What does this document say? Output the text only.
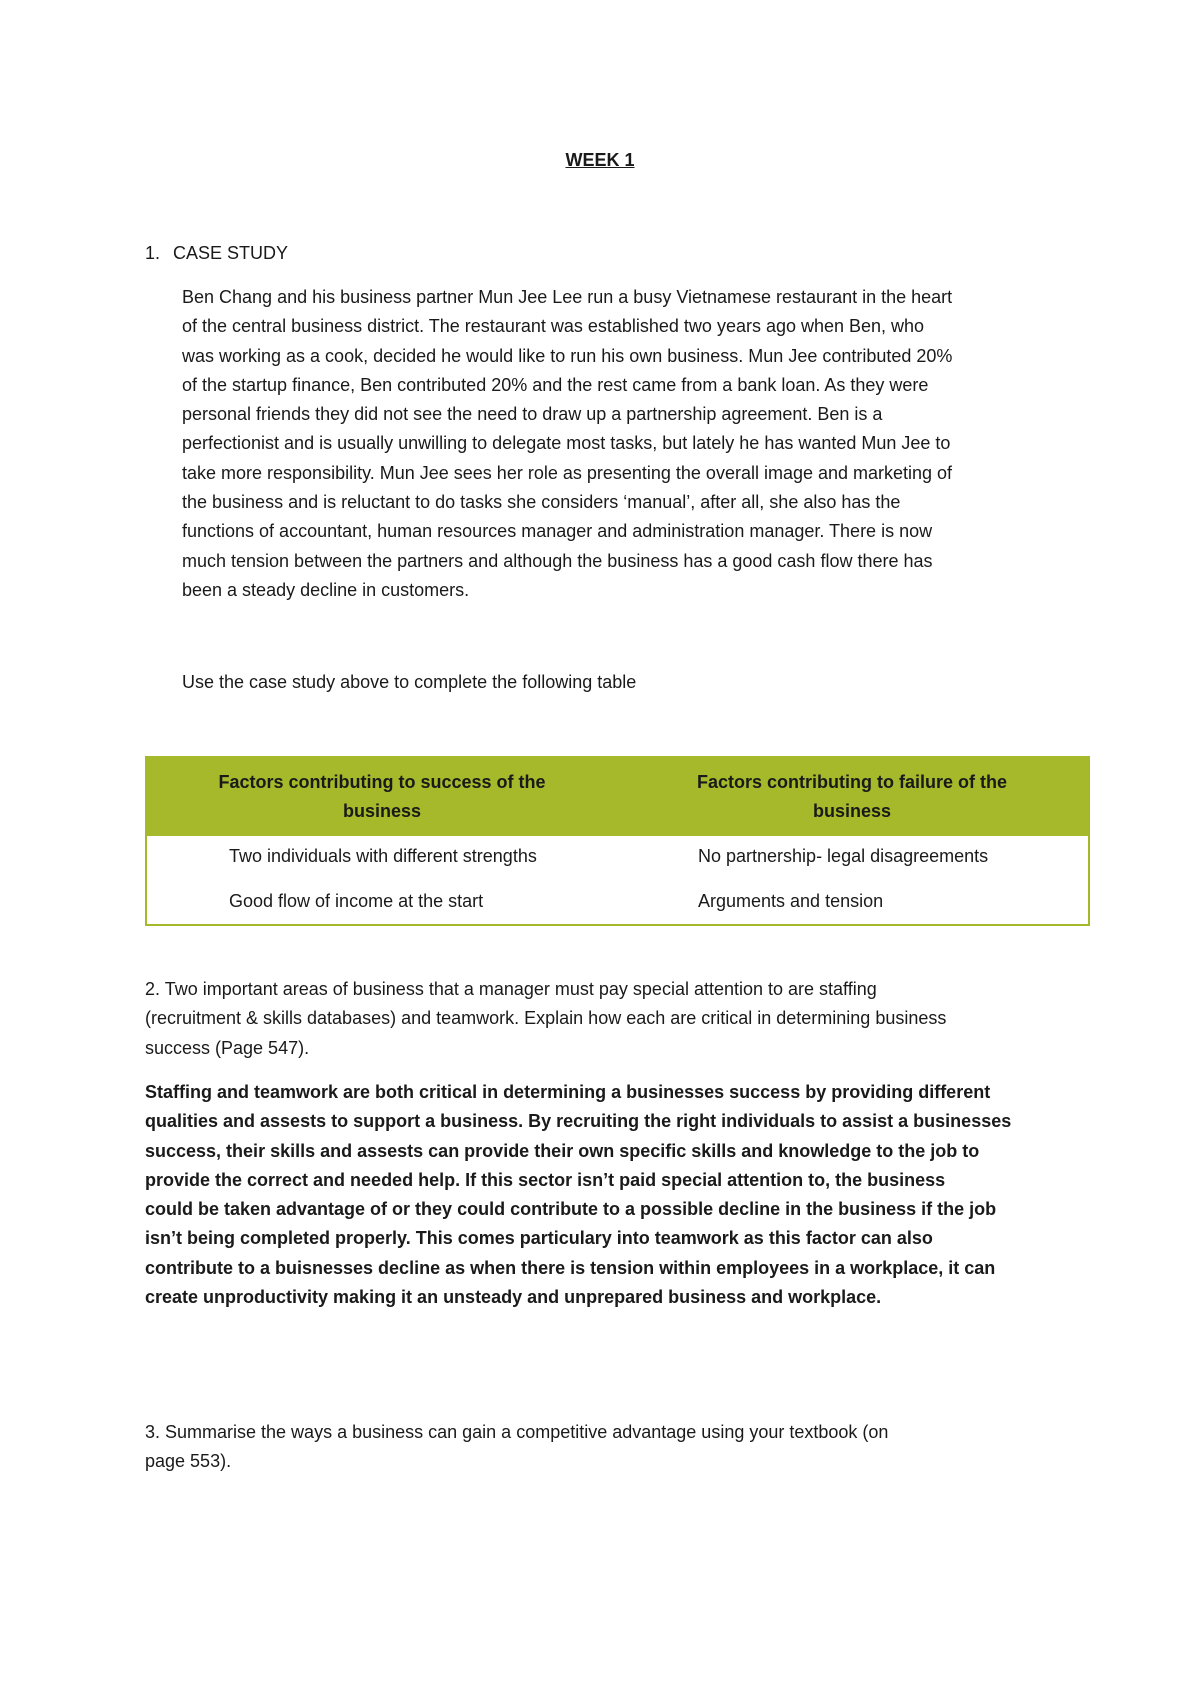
WEEK 1
1. CASE STUDY

Ben Chang and his business partner Mun Jee Lee run a busy Vietnamese restaurant in the heart

of the central business district. The restaurant was established two years ago when Ben, who

was working as a cook, decided he would like to run his own business. Mun Jee contributed 20%

of the startup finance, Ben contributed 20% and the rest came from a bank loan. As they were

personal friends they did not see the need to draw up a partnership agreement. Ben is a

perfectionist and is usually unwilling to delegate most tasks, but lately he has wanted Mun Jee to

take more responsibility. Mun Jee sees her role as presenting the overall image and marketing of

the business and is reluctant to do tasks she considers ‘manual’, after all, she also has the

functions of accountant, human resources manager and administration manager. There is now

much tension between the partners and although the business has a good cash flow there has

been a steady decline in customers.

Use the case study above to complete the following table
Factors contributing to success of the
business
Factors contributing to failure of the
business
Two individuals with different strengths	No partnership- legal disagreements
Good flow of income at the start	Arguments and tension

2. Two important areas of business that a manager must pay special attention to are staffing

(recruitment & skills databases) and teamwork. Explain how each are critical in determining business

success (Page 547).

Staffing and teamwork are both critical in determining a businesses success by providing different

qualities and assests to support a business. By recruiting the right individuals to assist a businesses

success, their skills and assests can provide their own specific skills and knowledge to the job to

provide the correct and needed help. If this sector isn’t paid special attention to, the business

could be taken advantage of or they could contribute to a possible decline in the business if the job

isn’t being completed properly. This comes particulary into teamwork as this factor can also

contribute to a buisnesses decline as when there is tension within employees in a workplace, it can

create unproductivity making it an unsteady and unprepared business and workplace.

3. Summarise the ways a business can gain a competitive advantage using your textbook (on

page 553).
